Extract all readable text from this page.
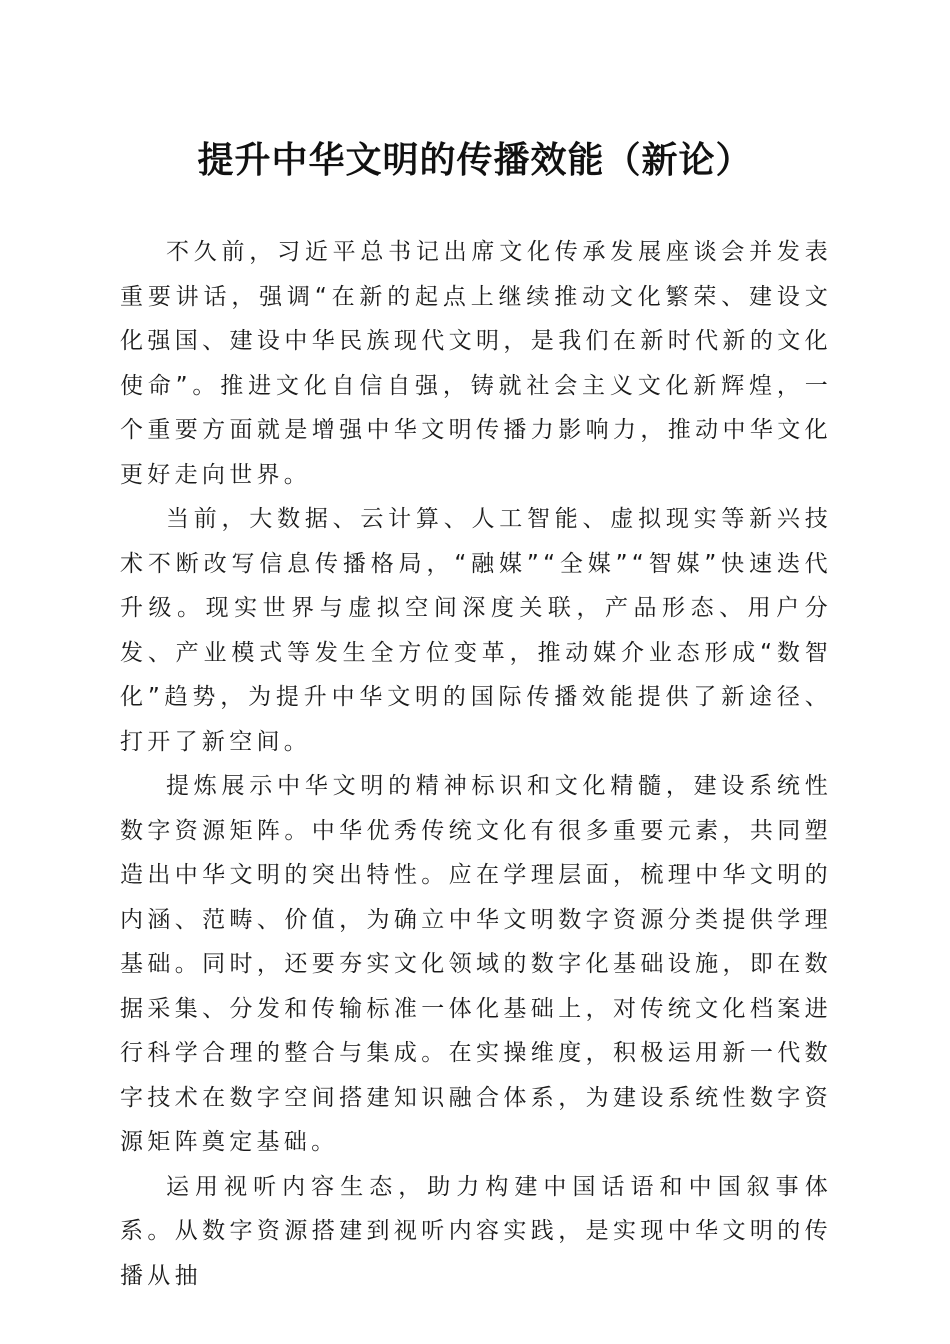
提升中华文明的传播效能（新论）

不久前，习近平总书记出席文化传承发展座谈会并发表重要讲话，强调“在新的起点上继续推动文化繁荣、建设文化强国、建设中华民族现代文明，是我们在新时代新的文化使命”。推进文化自信自强，铸就社会主义文化新辉煌，一个重要方面就是增强中华文明传播力影响力，推动中华文化更好走向世界。

当前，大数据、云计算、人工智能、虚拟现实等新兴技术不断改写信息传播格局，“融媒”“全媒”“智媒”快速迭代升级。现实世界与虚拟空间深度关联，产品形态、用户分发、产业模式等发生全方位变革，推动媒介业态形成“数智化”趋势，为提升中华文明的国际传播效能提供了新途径、打开了新空间。

提炼展示中华文明的精神标识和文化精髓，建设系统性数字资源矩阵。中华优秀传统文化有很多重要元素，共同塑造出中华文明的突出特性。应在学理层面，梳理中华文明的内涵、范畴、价值，为确立中华文明数字资源分类提供学理基础。同时，还要夯实文化领域的数字化基础设施，即在数据采集、分发和传输标准一体化基础上，对传统文化档案进行科学合理的整合与集成。在实操维度，积极运用新一代数字技术在数字空间搭建知识融合体系，为建设系统性数字资源矩阵奠定基础。

运用视听内容生态，助力构建中国话语和中国叙事体系。从数字资源搭建到视听内容实践，是实现中华文明的传播从抽
